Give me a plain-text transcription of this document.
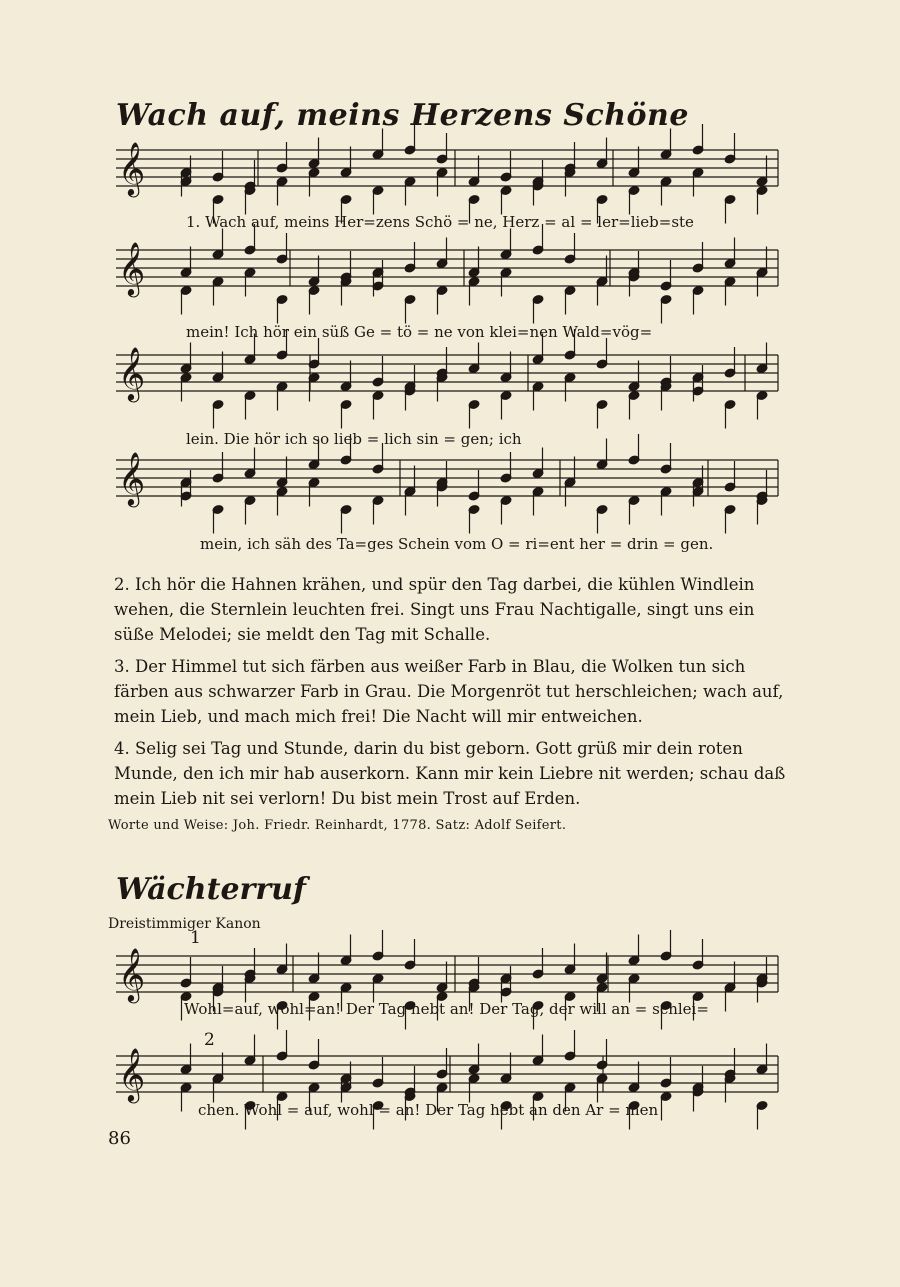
Wach auf, meins Herzens Schöne
𝄞
𝄞
𝄞
𝄞
1. Wach auf, meins Her=zens Schö = ne, Herz = al = ler=lieb=ste
mein! Ich hör ein süß Ge = tö = ne von klei=nen Wald=vög=
lein. Die hör ich so lieb = lich sin = gen; ich
mein, ich säh des Ta=ges Schein vom O = ri=ent her = drin = gen.
2. Ich hör die Hahnen krähen, und spür den Tag darbei, die kühlen Windlein wehen, die Sternlein leuchten frei. Singt uns Frau Nachtigalle, singt uns ein süße Melodei; sie meldt den Tag mit Schalle.
3. Der Himmel tut sich färben aus weißer Farb in Blau, die Wolken tun sich färben aus schwarzer Farb in Grau. Die Morgenröt tut herschleichen; wach auf, mein Lieb, und mach mich frei! Die Nacht will mir entweichen.
4. Selig sei Tag und Stunde, darin du bist geborn. Gott grüß mir dein roten Munde, den ich mir hab auserkorn. Kann mir kein Liebre nit werden; schau daß mein Lieb nit sei verlorn! Du bist mein Trost auf Erden.
Worte und Weise: Joh. Friedr. Reinhardt, 1778. Satz: Adolf Seifert.
Wächterruf
Dreistimmiger Kanon
𝄞
𝄞
1
2
Wohl=auf, wohl=an! Der Tag hebt an! Der Tag, der will an = schlei=
chen. Wohl = auf, wohl = an! Der Tag hebt an den Ar = men
86
